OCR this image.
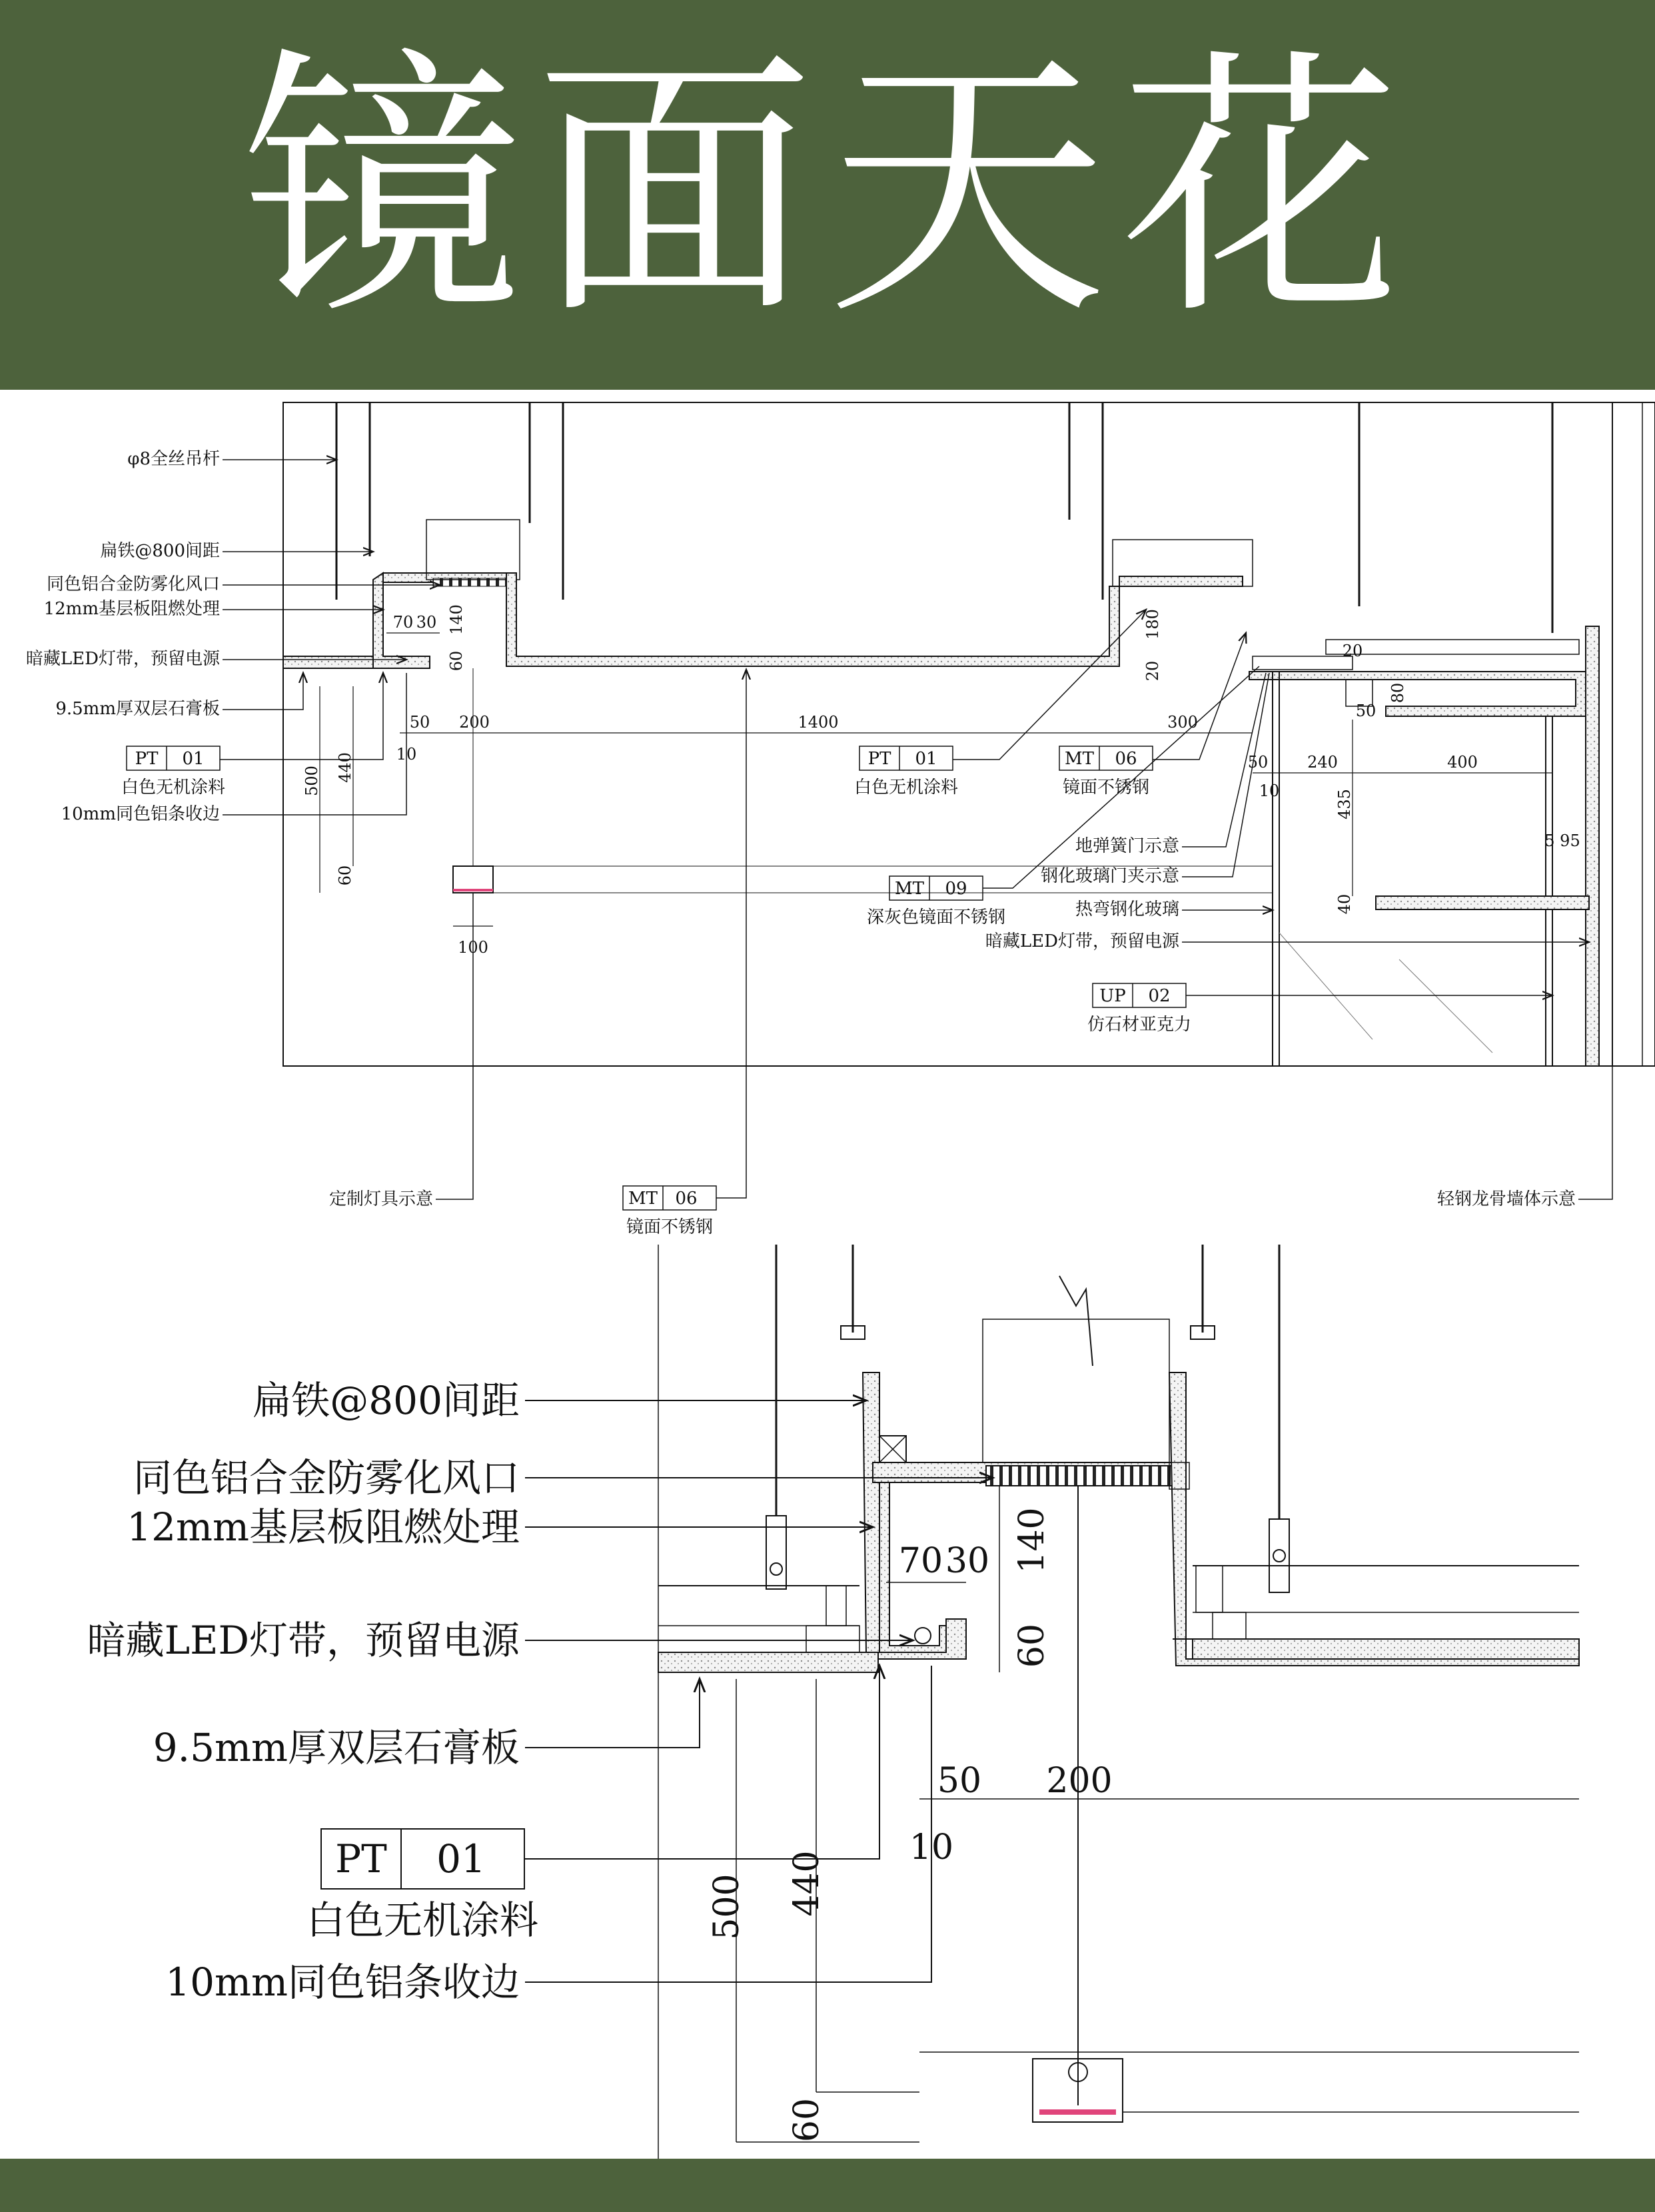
镜面天花
φ8全丝吊杆
扁铁@800间距
同色铝合金防雾化风口
12mm基层板阻燃处理
暗藏LED灯带，预留电源
9.5mm厚双层石膏板
PT 01
白色无机涂料
10mm同色铝条收边
定制灯具示意	MT 06
镜面不锈钢
PT 01
白色无机涂料
MT 06
镜面不锈钢
MT 09
深灰色镜面不锈钢
地弹簧门示意
钢化玻璃门夹示意
热弯钢化玻璃
暗藏LED灯带，预留电源
UP 02
仿石材亚克力
轻钢龙骨墙体示意
70 30 140
60
50 200	1400	300
180
20
10
500 440
60
100
50 240	400
10	435
40
5 95
20
50
80
扁铁@800间距
同色铝合金防雾化风口
12mm基层板阻燃处理
暗藏LED灯带，预留电源
9.5mm厚双层石膏板
PT 01
白色无机涂料
10mm同色铝条收边
70 30 140
60
50 200
10
500 440
60
